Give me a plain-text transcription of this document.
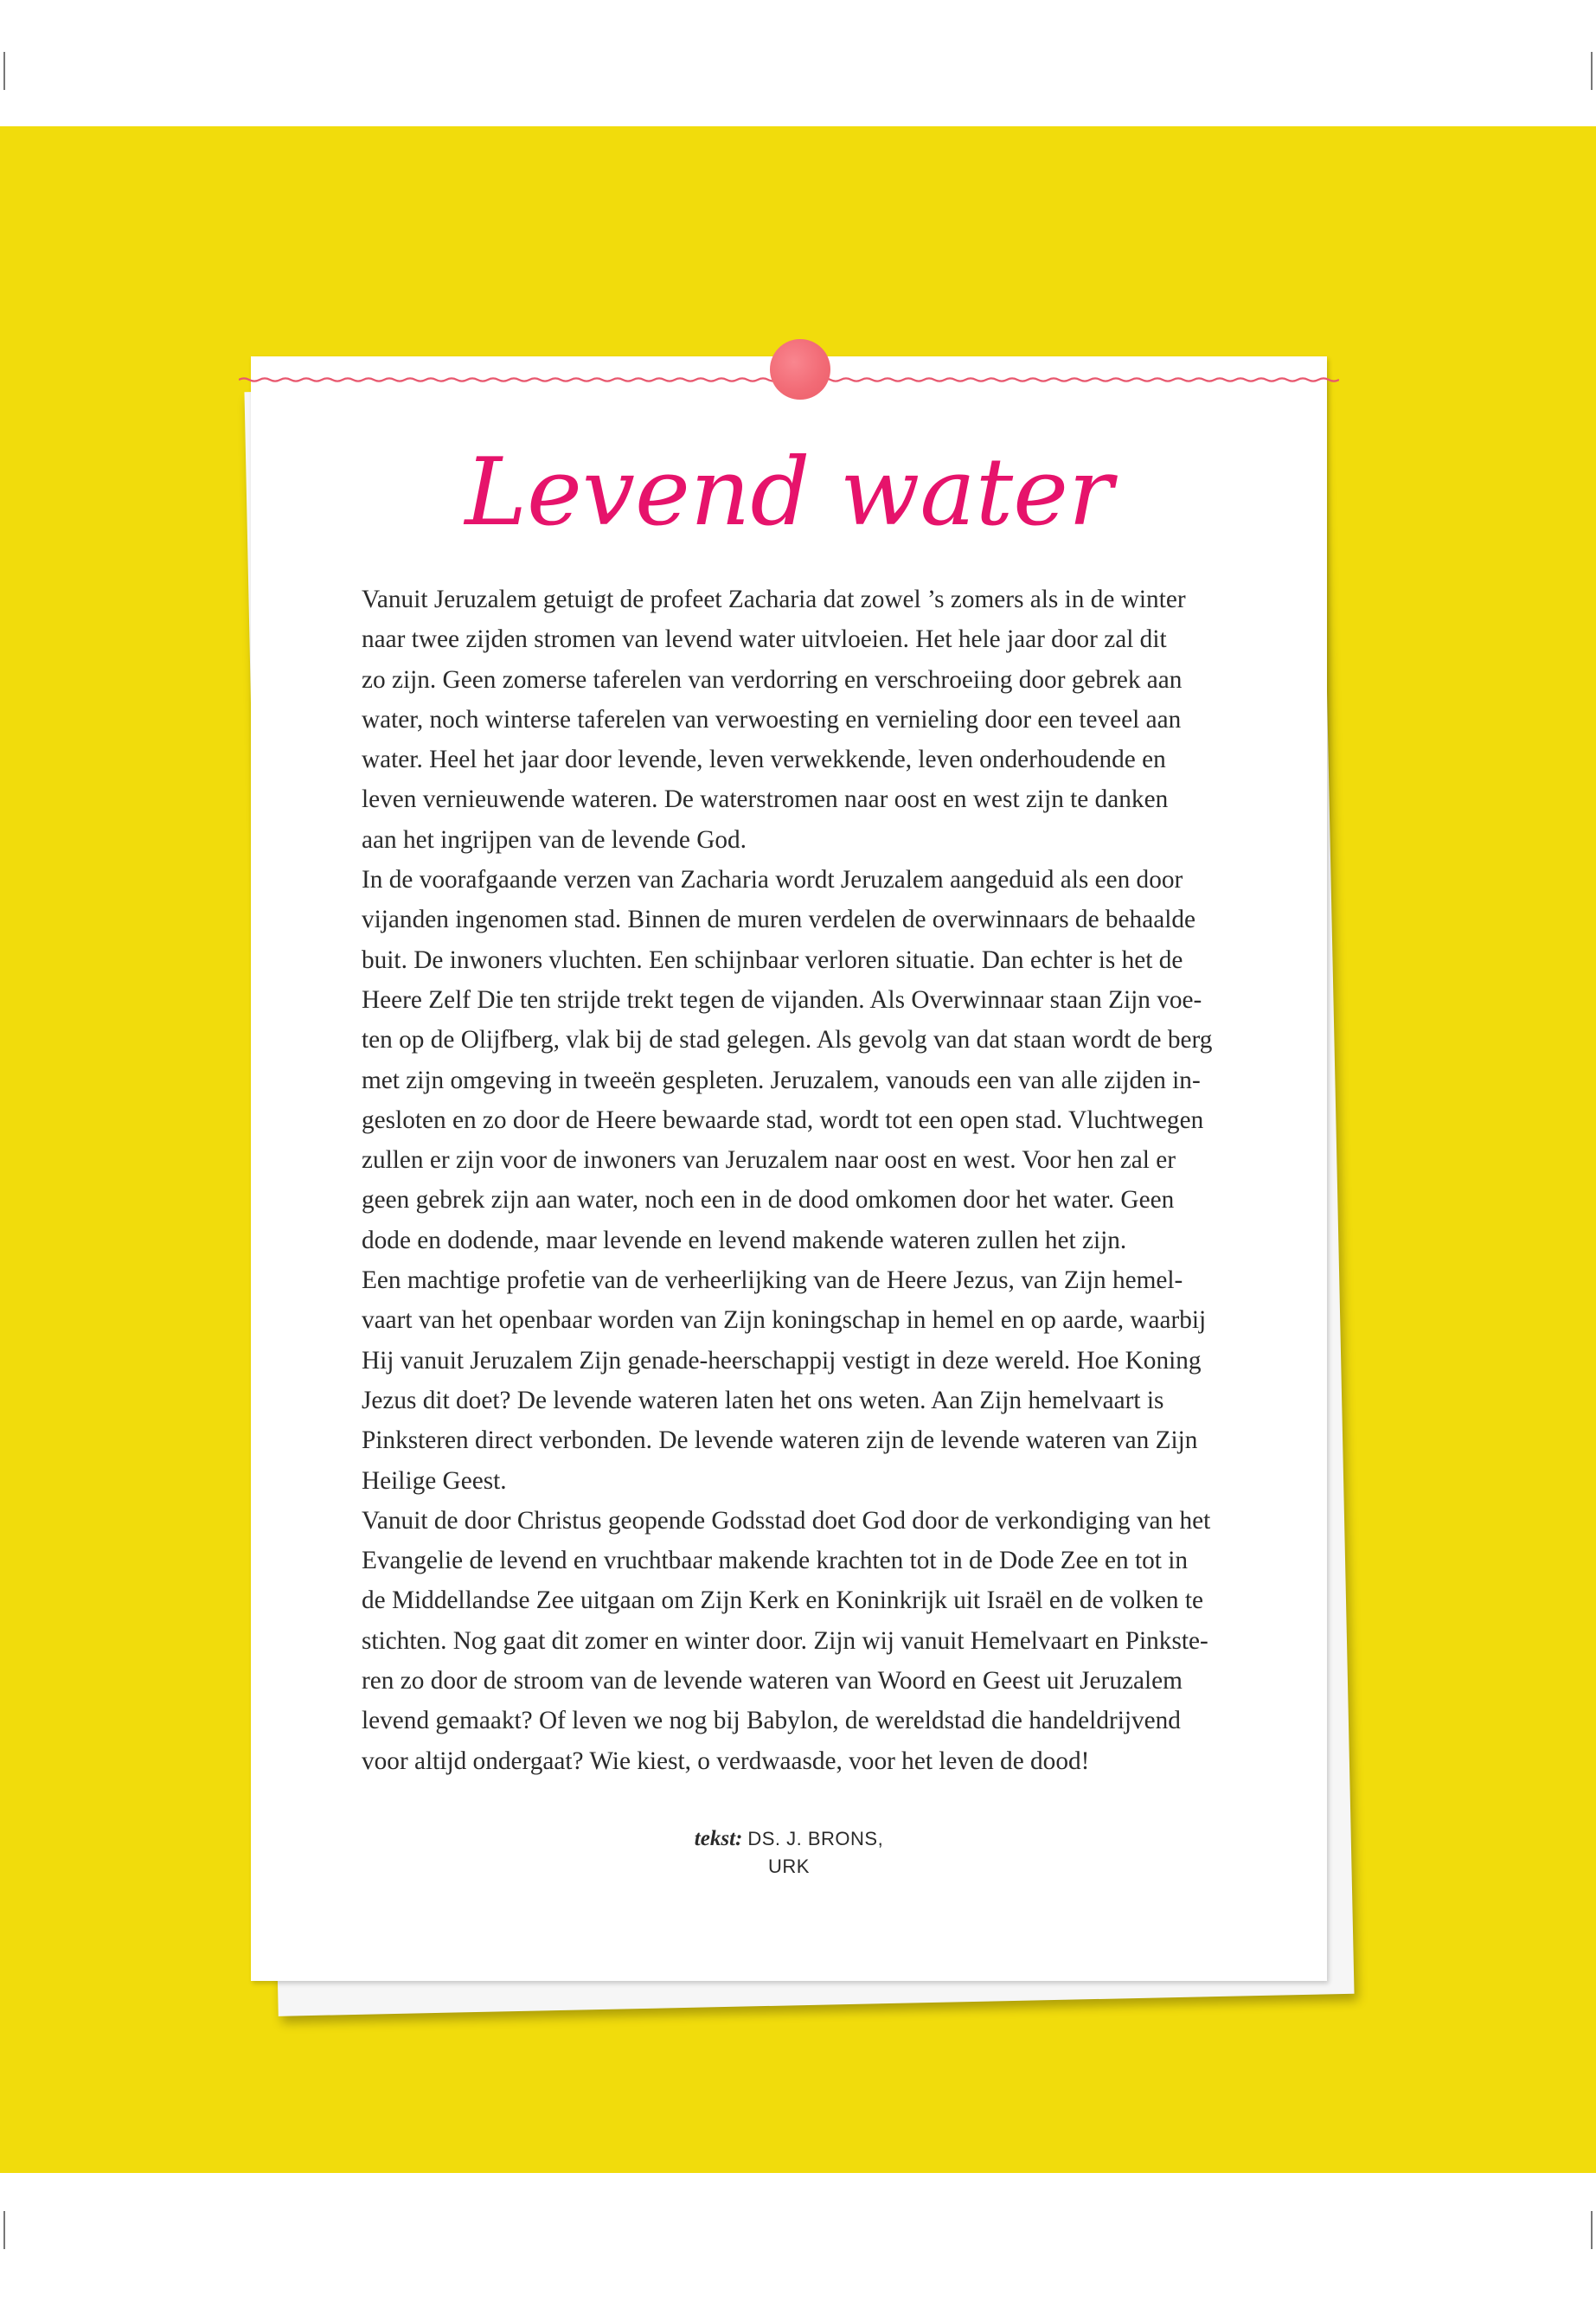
Levend water
Vanuit Jeruzalem getuigt de profeet Zacharia dat zowel ’s zomers als in de winter
naar twee zijden stromen van levend water uitvloeien. Het hele jaar door zal dit
zo zijn. Geen zomerse taferelen van verdorring en verschroeiing door gebrek aan
water, noch winterse taferelen van verwoesting en vernieling door een teveel aan
water. Heel het jaar door levende, leven verwekkende, leven onderhoudende en
leven vernieuwende wateren. De waterstromen naar oost en west zijn te danken
aan het ingrijpen van de levende God.
In de voorafgaande verzen van Zacharia wordt Jeruzalem aangeduid als een door
vijanden ingenomen stad. Binnen de muren verdelen de overwinnaars de behaalde
buit. De inwoners vluchten. Een schijnbaar verloren situatie. Dan echter is het de
Heere Zelf Die ten strijde trekt tegen de vijanden. Als Overwinnaar staan Zijn voe-
ten op de Olijfberg, vlak bij de stad gelegen. Als gevolg van dat staan wordt de berg
met zijn omgeving in tweeën gespleten. Jeruzalem, vanouds een van alle zijden in-
gesloten en zo door de Heere bewaarde stad, wordt tot een open stad. Vluchtwegen
zullen er zijn voor de inwoners van Jeruzalem naar oost en west. Voor hen zal er
geen gebrek zijn aan water, noch een in de dood omkomen door het water. Geen
dode en dodende, maar levende en levend makende wateren zullen het zijn.
Een machtige profetie van de verheerlijking van de Heere Jezus, van Zijn hemel-
vaart van het openbaar worden van Zijn koningschap in hemel en op aarde, waarbij
Hij vanuit Jeruzalem Zijn genade-heerschappij vestigt in deze wereld. Hoe Koning
Jezus dit doet? De levende wateren laten het ons weten. Aan Zijn hemelvaart is
Pinksteren direct verbonden. De levende wateren zijn de levende wateren van Zijn
Heilige Geest.
Vanuit de door Christus geopende Godsstad doet God door de verkondiging van het
Evangelie de levend en vruchtbaar makende krachten tot in de Dode Zee en tot in
de Middellandse Zee uitgaan om Zijn Kerk en Koninkrijk uit Israël en de volken te
stichten. Nog gaat dit zomer en winter door. Zijn wij vanuit Hemelvaart en Pinkste-
ren zo door de stroom van de levende wateren van Woord en Geest uit Jeruzalem
levend gemaakt? Of leven we nog bij Babylon, de wereldstad die handeldrijvend
voor altijd ondergaat? Wie kiest, o verdwaasde, voor het leven de dood!
tekst: DS. J. BRONS,
URK
